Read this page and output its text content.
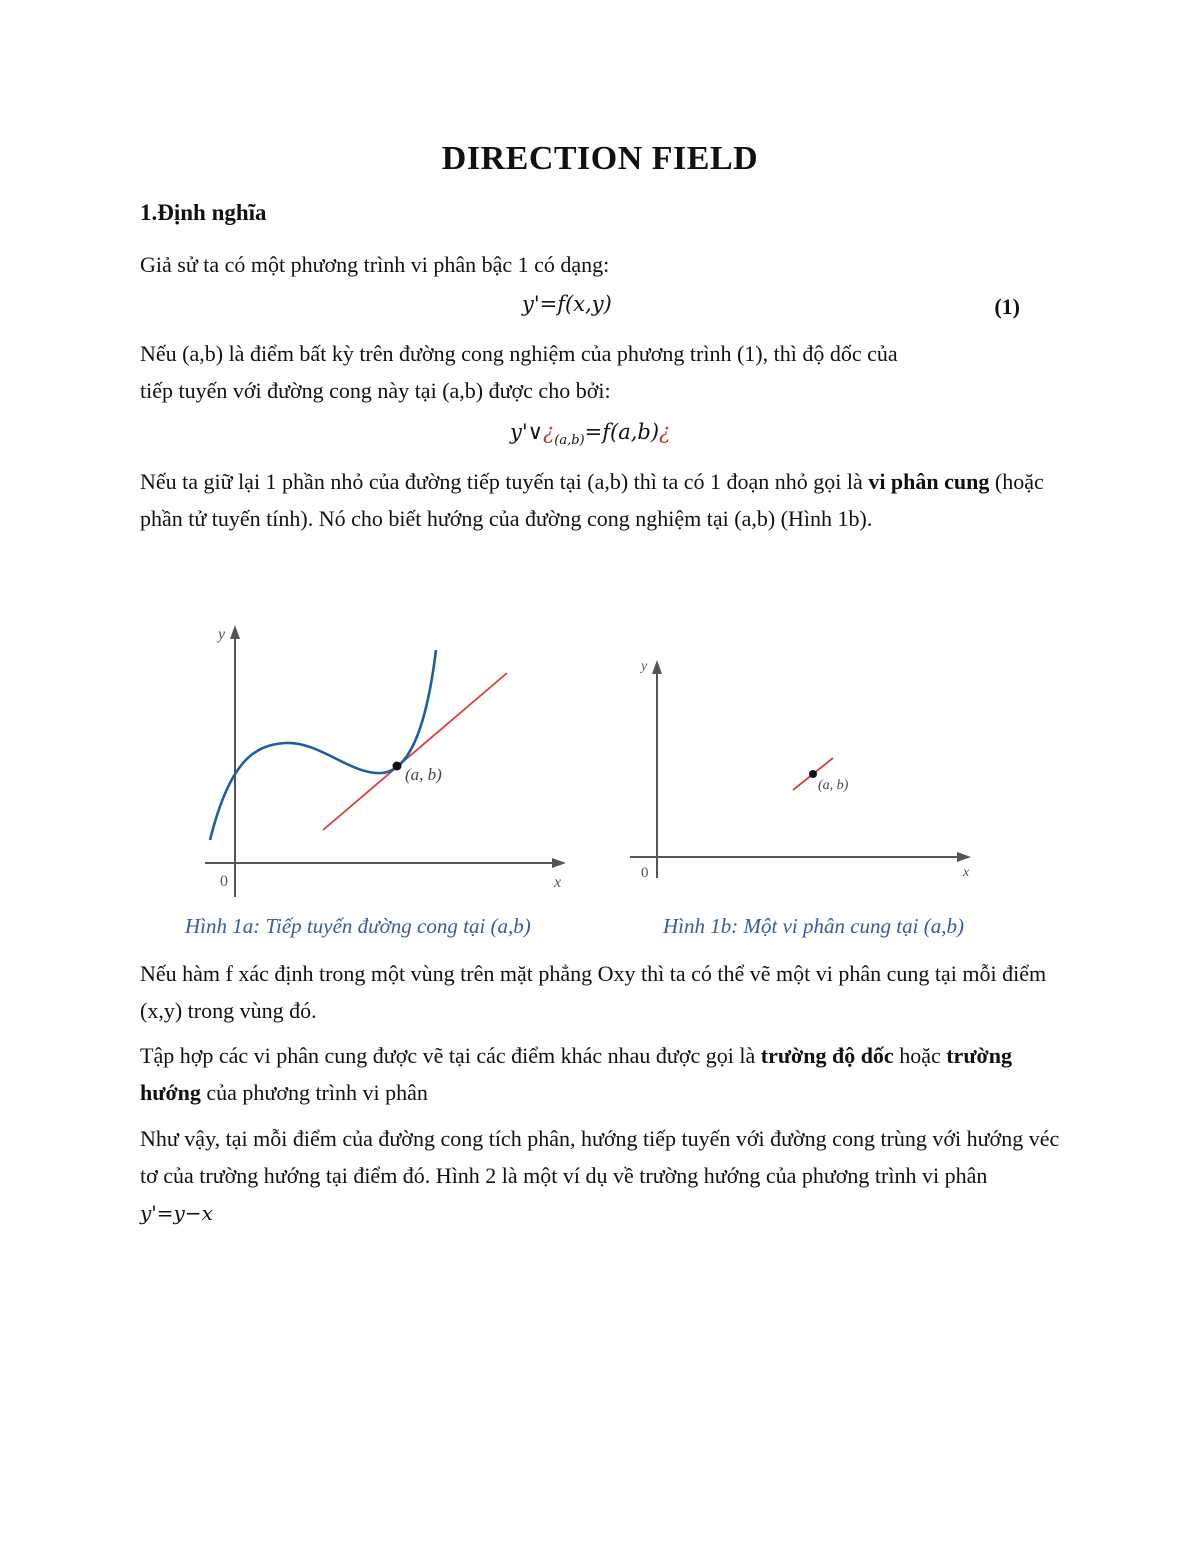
DIRECTION FIELD
1.Định nghĩa
Giả sử ta có một phương trình vi phân bậc 1 có dạng:
y'=f(x,y)	(1)
Nếu (a,b) là điểm bất kỳ trên đường cong nghiệm của phương trình (1), thì độ dốc của
tiếp tuyến với đường cong này tại (a,b) được cho bởi:
$y'\vee¿_{(a,b)}=f(a,b)¿$
Nếu ta giữ lại 1 phần nhỏ của đường tiếp tuyến tại (a,b) thì ta có 1 đoạn nhỏ gọi là vi phân cung (hoặc phần tử tuyến tính). Nó cho biết hướng của đường cong nghiệm tại (a,b) (Hình 1b).
y
x
0
(a, b)
y
x
0
(a, b)
Hình 1a: Tiếp tuyến đường cong tại (a,b)	Hình 1b: Một vi phân cung tại (a,b)
Nếu hàm f xác định trong một vùng trên mặt phẳng Oxy thì ta có thể vẽ một vi phân cung tại mỗi điểm (x,y) trong vùng đó.
Tập hợp các vi phân cung được vẽ tại các điểm khác nhau được gọi là trường độ dốc hoặc trường hướng của phương trình vi phân
Như vậy, tại mỗi điểm của đường cong tích phân, hướng tiếp tuyến với đường cong trùng với hướng véc tơ của trường hướng tại điểm đó. Hình 2 là một ví dụ về trường hướng của phương trình vi phân y'=y−x
